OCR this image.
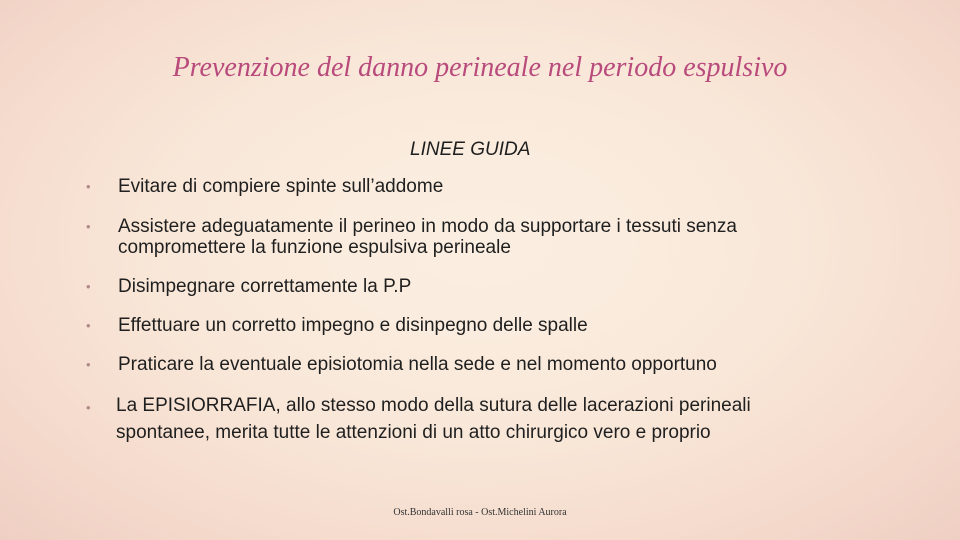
Prevenzione del danno perineale nel periodo espulsivo
LINEE GUIDA
• Evitare di compiere spinte sull’addome
• Assistere adeguatamente il perineo in modo da supportare i tessuti senza compromettere la funzione espulsiva perineale
• Disimpegnare correttamente la P.P
• Effettuare un corretto impegno e disinpegno delle spalle
• Praticare la eventuale episiotomia nella sede e nel momento opportuno
• La EPISIORRAFIA, allo stesso modo della sutura delle lacerazioni perineali spontanee, merita tutte le attenzioni di un atto chirurgico vero e proprio
Ost.Bondavalli rosa - Ost.Michelini Aurora
